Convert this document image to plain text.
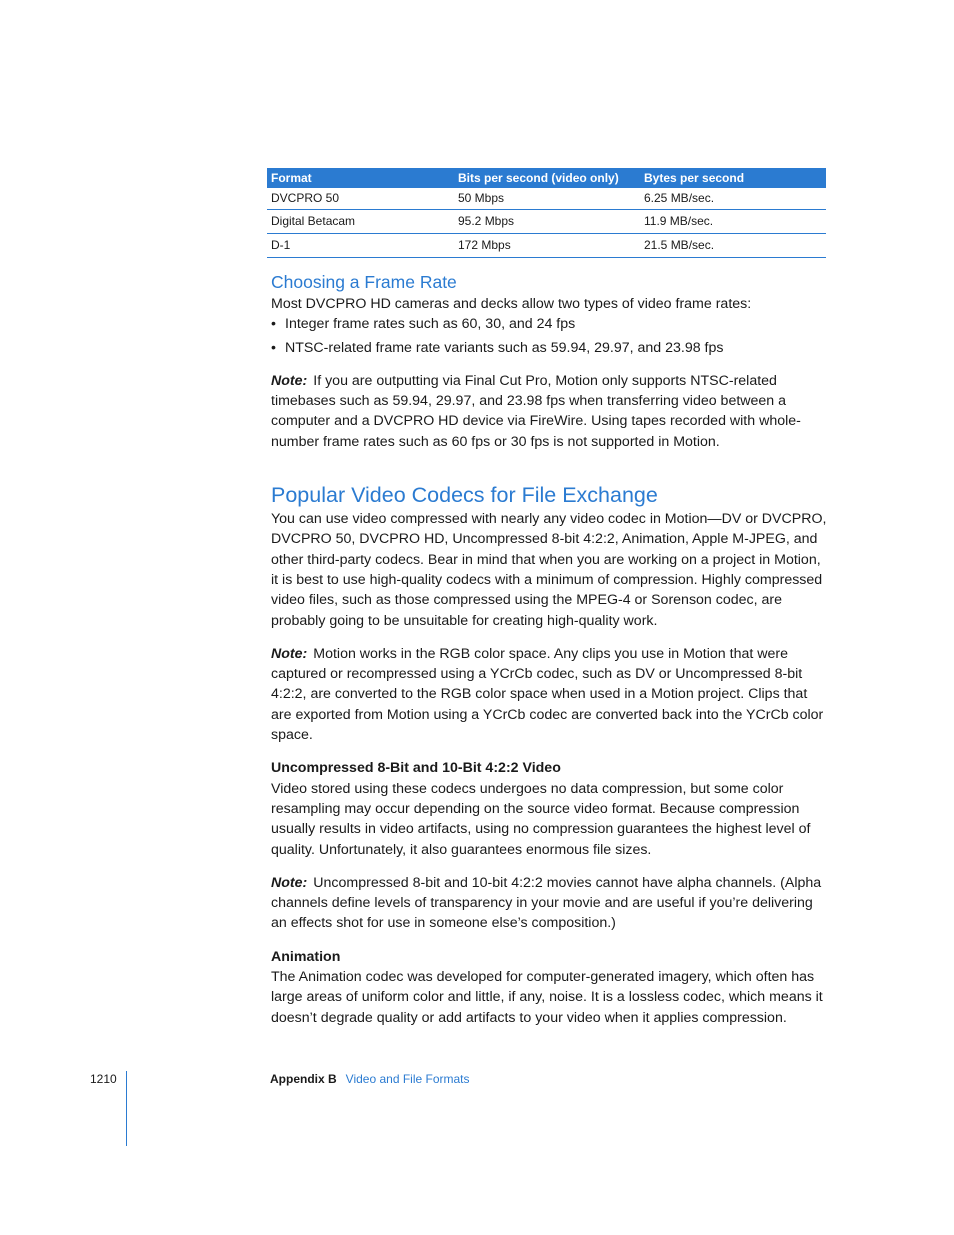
Format	Bits per second (video only)	Bytes per second
DVCPRO 50	50 Mbps	6.25 MB/sec.
Digital Betacam	95.2 Mbps	11.9 MB/sec.
D-1	172 Mbps	21.5 MB/sec.
Choosing a Frame Rate

Most DVCPRO HD cameras and decks allow two types of video frame rates:

• Integer frame rates such as 60, 30, and 24 fps
• NTSC-related frame rate variants such as 59.94, 29.97, and 23.98 fps

Note: If you are outputting via Final Cut Pro, Motion only supports NTSC-related timebases such as 59.94, 29.97, and 23.98 fps when transferring video between a computer and a DVCPRO HD device via FireWire. Using tapes recorded with whole-number frame rates such as 60 fps or 30 fps is not supported in Motion.

Popular Video Codecs for File Exchange

You can use video compressed with nearly any video codec in Motion—DV or DVCPRO, DVCPRO 50, DVCPRO HD, Uncompressed 8-bit 4:2:2, Animation, Apple M-JPEG, and other third-party codecs. Bear in mind that when you are working on a project in Motion, it is best to use high-quality codecs with a minimum of compression. Highly compressed video files, such as those compressed using the MPEG-4 or Sorenson codec, are probably going to be unsuitable for creating high-quality work.

Note: Motion works in the RGB color space. Any clips you use in Motion that were captured or recompressed using a YCrCb codec, such as DV or Uncompressed 8-bit 4:2:2, are converted to the RGB color space when used in a Motion project. Clips that are exported from Motion using a YCrCb codec are converted back into the YCrCb color space.

Uncompressed 8-Bit and 10-Bit 4:2:2 Video

Video stored using these codecs undergoes no data compression, but some color resampling may occur depending on the source video format. Because compression usually results in video artifacts, using no compression guarantees the highest level of quality. Unfortunately, it also guarantees enormous file sizes.

Note: Uncompressed 8-bit and 10-bit 4:2:2 movies cannot have alpha channels. (Alpha channels define levels of transparency in your movie and are useful if you’re delivering an effects shot for use in someone else’s composition.)

Animation

The Animation codec was developed for computer-generated imagery, which often has large areas of uniform color and little, if any, noise. It is a lossless codec, which means it doesn’t degrade quality or add artifacts to your video when it applies compression.

1210	Appendix B Video and File Formats
